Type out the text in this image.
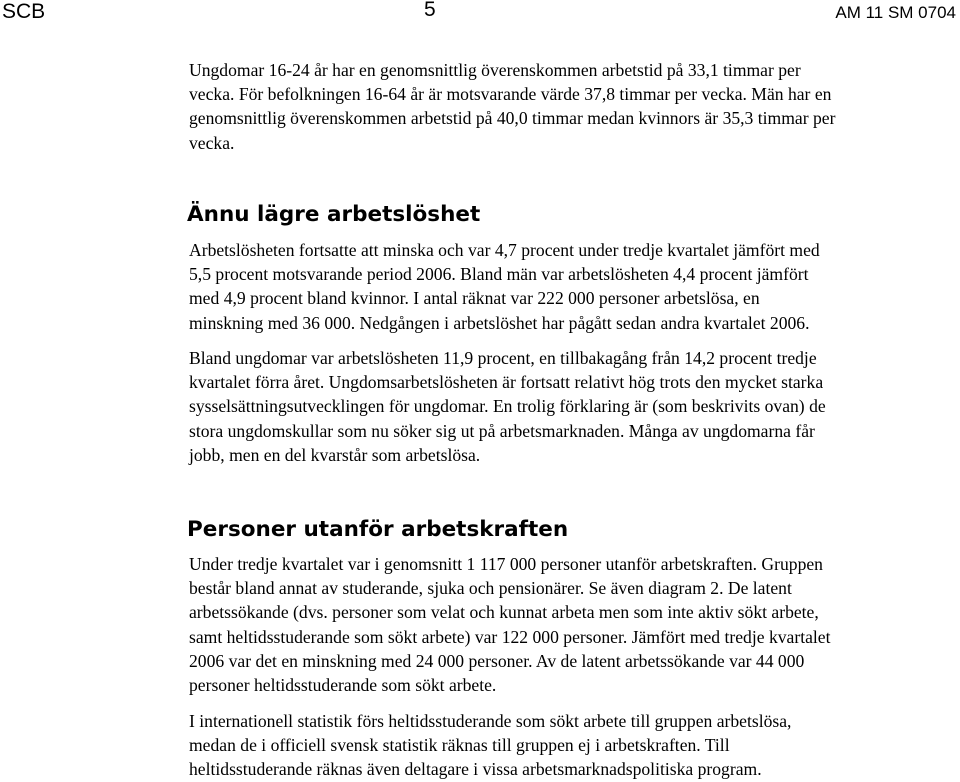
SCB	5	AM 11 SM 0704
Ungdomar 16-24 år har en genomsnittlig överenskommen arbetstid på 33,1 timmar per
vecka. För befolkningen 16-64 år är motsvarande värde 37,8 timmar per vecka. Män har en
genomsnittlig överenskommen arbetstid på 40,0 timmar medan kvinnors är 35,3 timmar per
vecka.
Ännu lägre arbetslöshet
Arbetslösheten fortsatte att minska och var 4,7 procent under tredje kvartalet jämfört med
5,5 procent motsvarande period 2006. Bland män var arbetslösheten 4,4 procent jämfört
med 4,9 procent bland kvinnor. I antal räknat var 222 000 personer arbetslösa, en
minskning med 36 000. Nedgången i arbetslöshet har pågått sedan andra kvartalet 2006.
Bland ungdomar var arbetslösheten 11,9 procent, en tillbakagång från 14,2 procent tredje
kvartalet förra året. Ungdomsarbetslösheten är fortsatt relativt hög trots den mycket starka
sysselsättningsutvecklingen för ungdomar. En trolig förklaring är (som beskrivits ovan) de
stora ungdomskullar som nu söker sig ut på arbetsmarknaden. Många av ungdomarna får
jobb, men en del kvarstår som arbetslösa.
Personer utanför arbetskraften
Under tredje kvartalet var i genomsnitt 1 117 000 personer utanför arbetskraften. Gruppen
består bland annat av studerande, sjuka och pensionärer. Se även diagram 2. De latent
arbetssökande (dvs. personer som velat och kunnat arbeta men som inte aktiv sökt arbete,
samt heltidsstuderande som sökt arbete) var 122 000 personer. Jämfört med tredje kvartalet
2006 var det en minskning med 24 000 personer. Av de latent arbetssökande var 44 000
personer heltidsstuderande som sökt arbete.
I internationell statistik förs heltidsstuderande som sökt arbete till gruppen arbetslösa,
medan de i officiell svensk statistik räknas till gruppen ej i arbetskraften. Till
heltidsstuderande räknas även deltagare i vissa arbetsmarknadspolitiska program.
